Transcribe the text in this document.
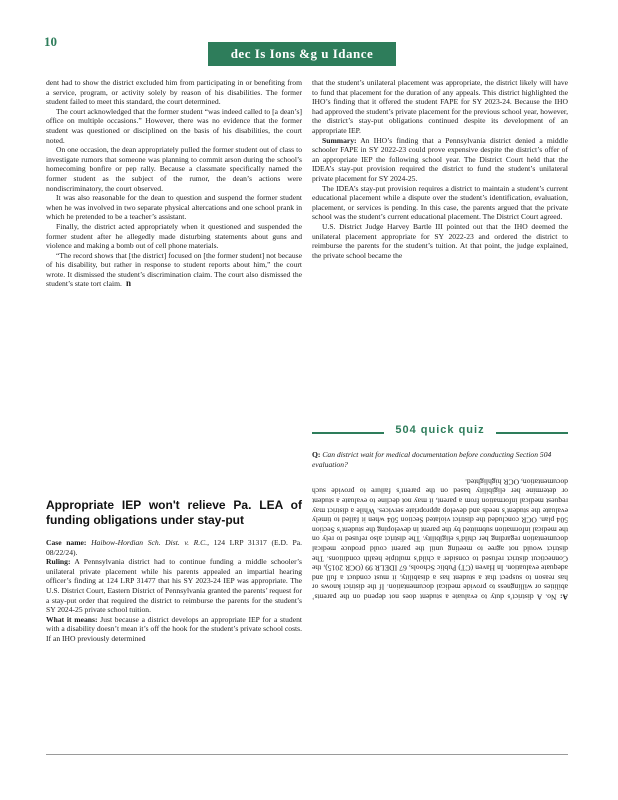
10
dec Is Ions &g u Idance

dent had to show the district excluded him from participating in or benefiting from a service, program, or activity solely by reason of his disabilities. The former student failed to meet this standard, the court determined.

The court acknowledged that the former student “was indeed called to [a dean’s] office on multiple occasions.” However, there was no evidence that the former student was questioned or disciplined on the basis of his disabilities, the court noted.

On one occasion, the dean appropriately pulled the former student out of class to investigate rumors that someone was planning to commit arson during the school’s homecoming bonfire or pep rally. Because a classmate specifically named the former student as the subject of the rumor, the dean’s actions were nondiscriminatory, the court observed.

It was also reasonable for the dean to question and suspend the former student when he was involved in two separate physical altercations and one school prank in which he pretended to be a teacher’s assistant.

Finally, the district acted appropriately when it questioned and suspended the former student after he allegedly made disturbing statements about guns and violence and making a bomb out of cell phone materials.

“The record shows that [the district] focused on [the former student] not because of his disability, but rather in response to student reports about him,” the court wrote. It dismissed the student’s discrimination claim. The court also dismissed the student’s state tort claim. n

that the student’s unilateral placement was appropriate, the district likely will have to fund that placement for the duration of any appeals. This district highlighted the IHO’s finding that it offered the student FAPE for SY 2023-24. Because the IHO had approved the student’s private placement for the previous school year, however, the district’s stay-put obligations continued despite its development of an appropriate IEP.

Summary: An IHO’s finding that a Pennsylvania district denied a middle schooler FAPE in SY 2022-23 could prove expensive despite the district’s offer of an appropriate IEP the following school year. The District Court held that the IDEA’s stay-put provision required the district to fund the student’s unilateral private placement for SY 2024-25.

The IDEA’s stay-put provision requires a district to maintain a student’s current educational placement while a dispute over the student’s identification, evaluation, placement, or services is pending. In this case, the parents argued that the private school was the student’s current educational placement. The District Court agreed.

U.S. District Judge Harvey Bartle III pointed out that the IHO deemed the unilateral placement appropriate for SY 2022-23 and ordered the district to reimburse the parents for the student’s tuition. At that point, the judge explained, the private school became the

Appropriate IEP won't relieve Pa. LEA of funding obligations under stay-put

Case name: Haibow-Hordian Sch. Dist. v. R.C., 124 LRP 31317 (E.D. Pa. 08/22/24).

Ruling: A Pennsylvania district had to continue funding a middle schooler’s unilateral private placement while his parents appealed an impartial hearing officer’s finding at 124 LRP 31477 that his SY 2023-24 IEP was appropriate. The U.S. District Court, Eastern District of Pennsylvania granted the parents’ request for a stay-put order that required the district to reimburse the parents for the student’s SY 2024-25 private school tuition.

What it means: Just because a district develops an appropriate IEP for a student with a disability doesn’t mean it’s off the hook for the student’s private school costs. If an IHO previously determined

504 quick quiz
Q: Can district wait for medical documentation before conducting Section 504 evaluation?
A: No. A district’s duty to evaluate a student does not depend on the parents’ abilities or willingness to provide medical documentation. If the district knows or has reason to suspect that a student has a disability, it must conduct a full and adequate evaluation. In Haven (CT) Public Schools, 67 IDELR 99 (OCR 2015), the Connecticut district refused to consider a child’s multiple health conditions. The district would not agree to meeting until the parent could produce medical documentation regarding her child’s eligibility. The district also refused to rely on the medical information submitted by the parent in developing the student’s Section 504 plan. OCR concluded the district violated Section 504 when it failed to timely evaluate the student’s needs and develop appropriate services. While a district may request medical information from a parent, it may not decline to evaluate a student or determine her eligibility based on the parent’s failure to provide such documentation, OCR highlighted.
